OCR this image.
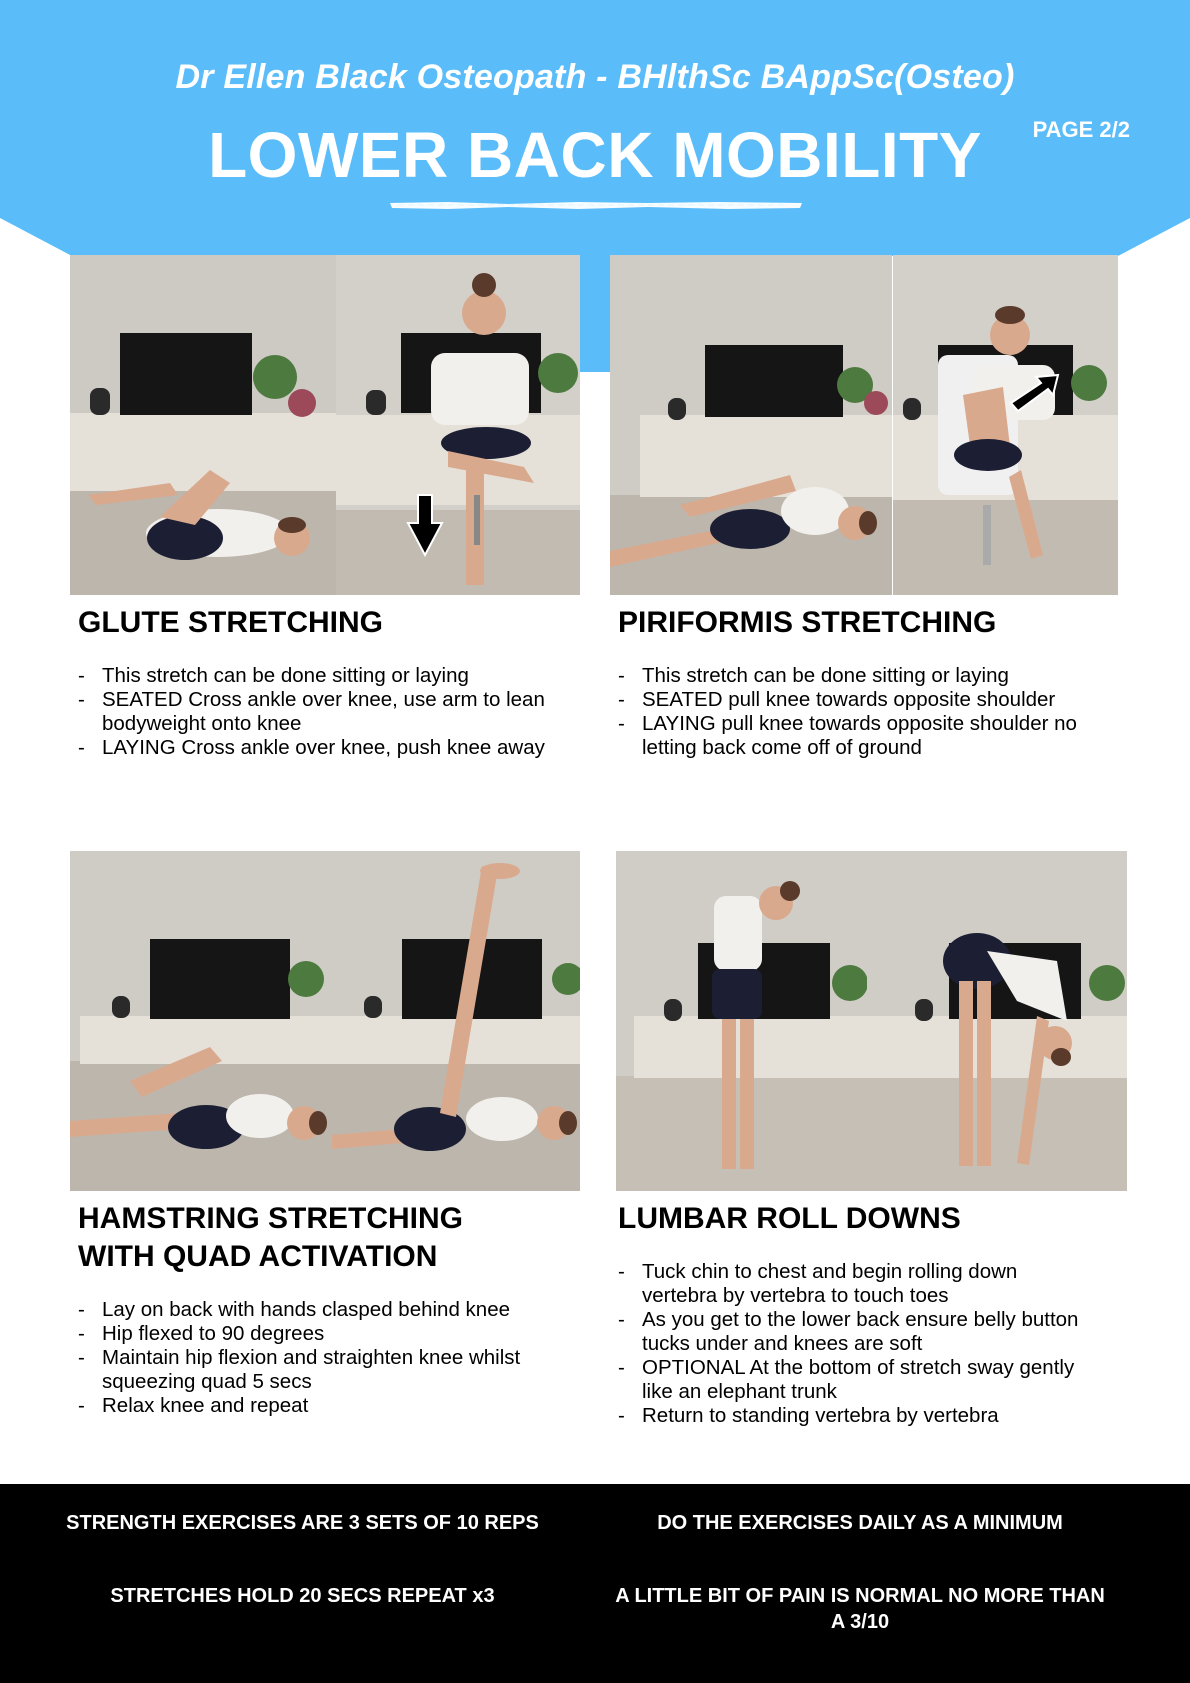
Dr Ellen Black Osteopath - BHlthSc BAppSc(Osteo)
LOWER BACK MOBILITY	PAGE 2/2
GLUTE STRETCHING
- This stretch can be done sitting or laying
- SEATED Cross ankle over knee, use arm to lean bodyweight onto knee
- LAYING Cross ankle over knee, push knee away
PIRIFORMIS STRETCHING
- This stretch can be done sitting or laying
- SEATED pull knee towards opposite shoulder
- LAYING pull knee towards opposite shoulder no letting back come off of ground
HAMSTRING STRETCHING WITH QUAD ACTIVATION
- Lay on back with hands clasped behind knee
- Hip flexed to 90 degrees
- Maintain hip flexion and straighten knee whilst squeezing quad 5 secs
- Relax knee and repeat
LUMBAR ROLL DOWNS
- Tuck chin to chest and begin rolling down vertebra by vertebra to touch toes
- As you get to the lower back ensure belly button tucks under and knees are soft
- OPTIONAL At the bottom of stretch sway gently like an elephant trunk
- Return to standing vertebra by vertebra
STRENGTH EXERCISES ARE 3 SETS OF 10 REPS	DO THE EXERCISES DAILY AS A MINIMUM
STRETCHES HOLD 20 SECS REPEAT x3	A LITTLE BIT OF PAIN IS NORMAL NO MORE THAN A 3/10
